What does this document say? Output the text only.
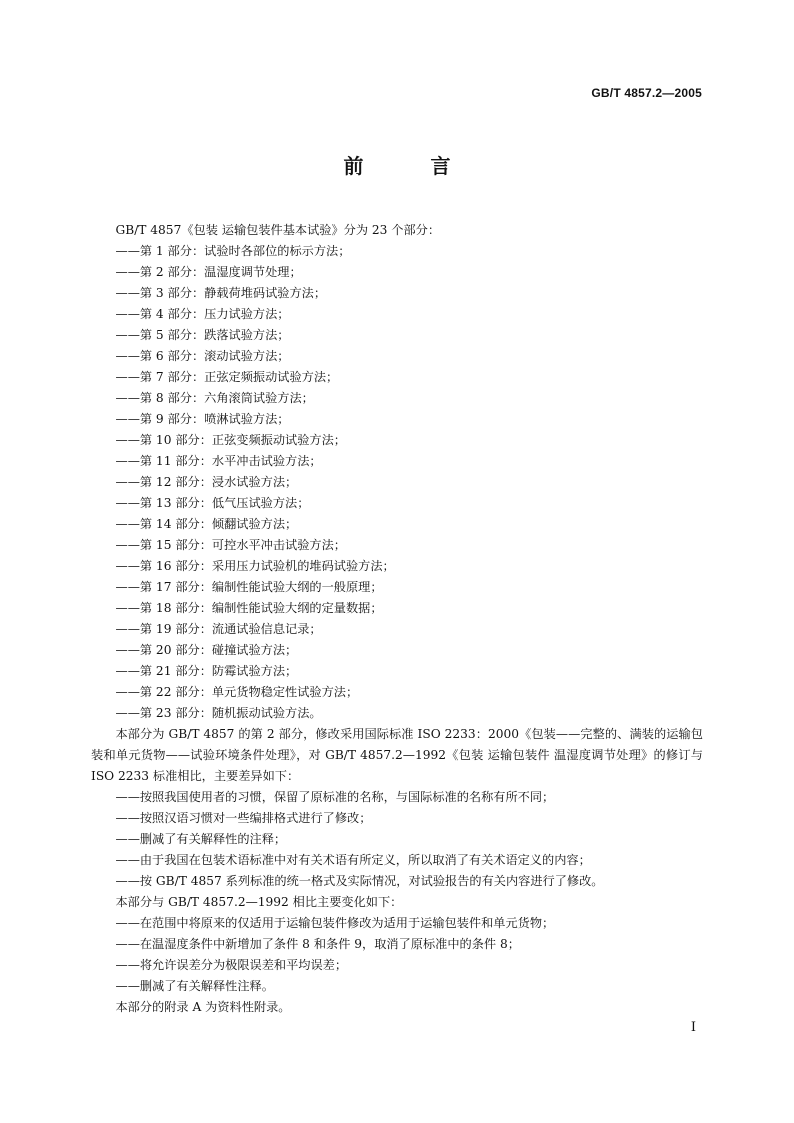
GB/T 4857.2—2005
前 言
GB/T 4857《包装 运输包装件基本试验》分为 23 个部分：
——第 1 部分：试验时各部位的标示方法；
——第 2 部分：温湿度调节处理；
——第 3 部分：静载荷堆码试验方法；
——第 4 部分：压力试验方法；
——第 5 部分：跌落试验方法；
——第 6 部分：滚动试验方法；
——第 7 部分：正弦定频振动试验方法；
——第 8 部分：六角滚筒试验方法；
——第 9 部分：喷淋试验方法；
——第 10 部分：正弦变频振动试验方法；
——第 11 部分：水平冲击试验方法；
——第 12 部分：浸水试验方法；
——第 13 部分：低气压试验方法；
——第 14 部分：倾翻试验方法；
——第 15 部分：可控水平冲击试验方法；
——第 16 部分：采用压力试验机的堆码试验方法；
——第 17 部分：编制性能试验大纲的一般原理；
——第 18 部分：编制性能试验大纲的定量数据；
——第 19 部分：流通试验信息记录；
——第 20 部分：碰撞试验方法；
——第 21 部分：防霉试验方法；
——第 22 部分：单元货物稳定性试验方法；
——第 23 部分：随机振动试验方法。
本部分为 GB/T 4857 的第 2 部分，修改采用国际标准 ISO 2233：2000《包装——完整的、满装的运输包装和单元货物——试验环境条件处理》，对 GB/T 4857.2—1992《包装 运输包装件 温湿度调节处理》的修订与 ISO 2233 标准相比，主要差异如下：
——按照我国使用者的习惯，保留了原标准的名称，与国际标准的名称有所不同；
——按照汉语习惯对一些编排格式进行了修改；
——删减了有关解释性的注释；
——由于我国在包装术语标准中对有关术语有所定义，所以取消了有关术语定义的内容；
——按 GB/T 4857 系列标准的统一格式及实际情况，对试验报告的有关内容进行了修改。
本部分与 GB/T 4857.2—1992 相比主要变化如下：
——在范围中将原来的仅适用于运输包装件修改为适用于运输包装件和单元货物；
——在温湿度条件中新增加了条件 8 和条件 9，取消了原标准中的条件 8；
——将允许误差分为极限误差和平均误差；
——删减了有关解释性注释。
本部分的附录 A 为资料性附录。
I
